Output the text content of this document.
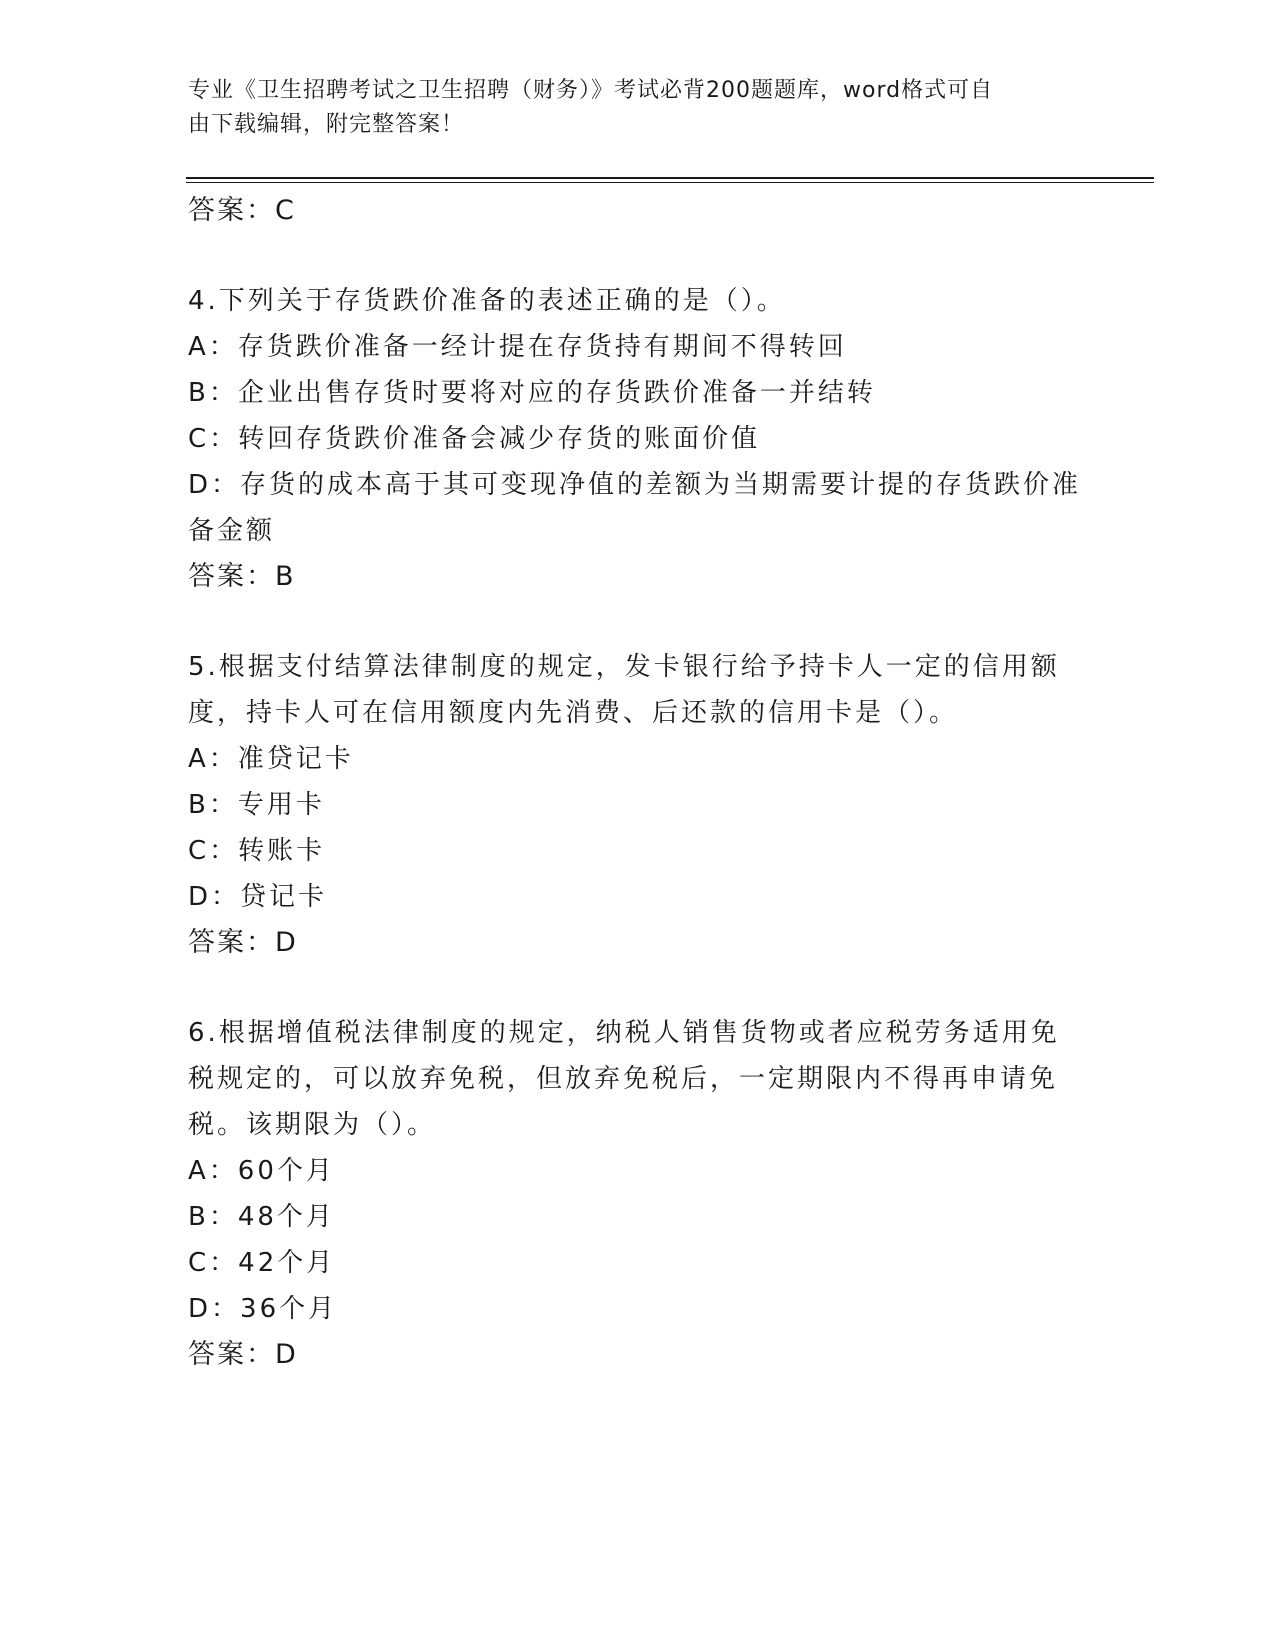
专业《卫生招聘考试之卫生招聘（财务）》考试必背200题题库，word格式可自
由下载编辑，附完整答案！
答案：C
4.下列关于存货跌价准备的表述正确的是（）。
A：存货跌价准备一经计提在存货持有期间不得转回
B：企业出售存货时要将对应的存货跌价准备一并结转
C：转回存货跌价准备会减少存货的账面价值
D：存货的成本高于其可变现净值的差额为当期需要计提的存货跌价准
备金额
答案：B
5.根据支付结算法律制度的规定，发卡银行给予持卡人一定的信用额
度，持卡人可在信用额度内先消费、后还款的信用卡是（）。
A：准贷记卡
B：专用卡
C：转账卡
D：贷记卡
答案：D
6.根据增值税法律制度的规定，纳税人销售货物或者应税劳务适用免
税规定的，可以放弃免税，但放弃免税后，一定期限内不得再申请免
税。该期限为（）。
A：60个月
B：48个月
C：42个月
D：36个月
答案：D
